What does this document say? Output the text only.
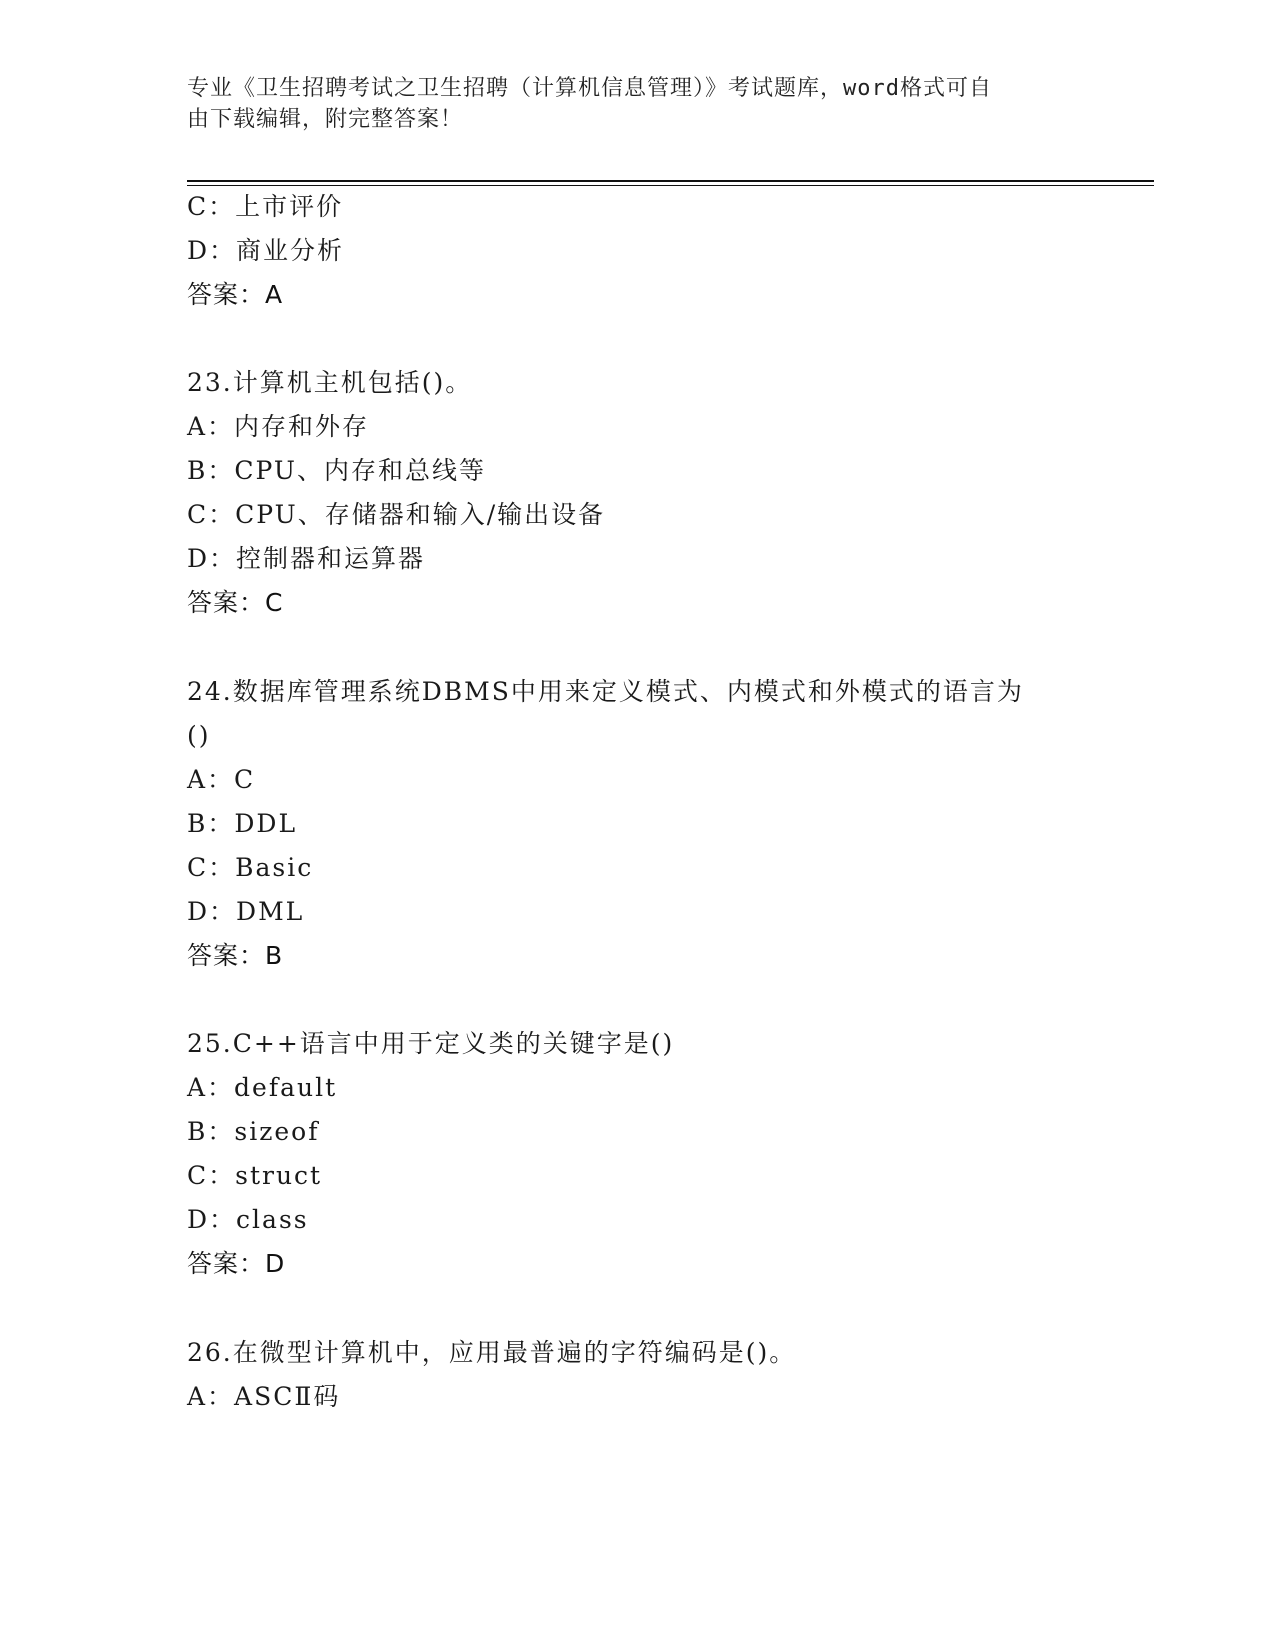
专业《卫生招聘考试之卫生招聘（计算机信息管理）》考试题库，word格式可自
由下载编辑，附完整答案！
C：上市评价
D：商业分析
答案：A
23.计算机主机包括()。
A：内存和外存
B：CPU、内存和总线等
C：CPU、存储器和输入/输出设备
D：控制器和运算器
答案：C
24.数据库管理系统DBMS中用来定义模式、内模式和外模式的语言为
()
A：C
B：DDL
C：Basic
D：DML
答案：B
25.C++语言中用于定义类的关键字是()
A：default
B：sizeof
C：struct
D：class
答案：D
26.在微型计算机中，应用最普遍的字符编码是()。
A：ASCⅡ码
